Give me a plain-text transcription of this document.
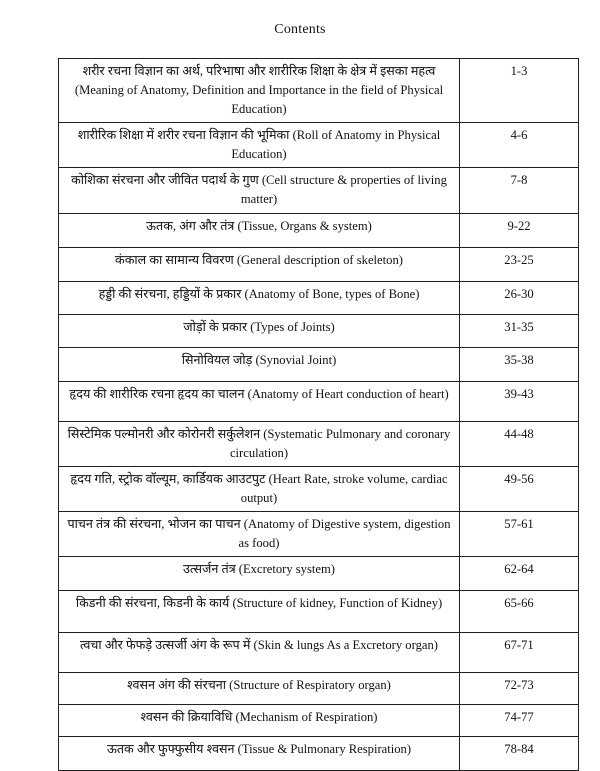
Contents
शरीर रचना विज्ञान का अर्थ, परिभाषा और शारीरिक शिक्षा के क्षेत्र में इसका महत्व (Meaning of Anatomy, Definition and Importance in the field of Physical Education)	1-3
शारीरिक शिक्षा में शरीर रचना विज्ञान की भूमिका (Roll of Anatomy in Physical Education)	4-6
कोशिका संरचना और जीवित पदार्थ के गुण (Cell structure & properties of living matter)	7-8
ऊतक, अंग और तंत्र (Tissue, Organs & system)	9-22
कंकाल का सामान्य विवरण (General description of skeleton)	23-25
हड्डी की संरचना, हड्डियों के प्रकार (Anatomy of Bone, types of Bone)	26-30
जोड़ों के प्रकार (Types of Joints)	31-35
सिनोवियल जोड़ (Synovial Joint)	35-38
हृदय की शारीरिक रचना हृदय का चालन (Anatomy of Heart conduction of heart)	39-43
सिस्टेमिक पल्मोनरी और कोरोनरी सर्कुलेशन (Systematic Pulmonary and coronary circulation)	44-48
हृदय गति, स्ट्रोक वॉल्यूम, कार्डियक आउटपुट (Heart Rate, stroke volume, cardiac output)	49-56
पाचन तंत्र की संरचना, भोजन का पाचन (Anatomy of Digestive system, digestion as food)	57-61
उत्सर्जन तंत्र (Excretory system)	62-64
किडनी की संरचना, किडनी के कार्य (Structure of kidney, Function of Kidney)	65-66
त्वचा और फेफड़े उत्सर्जी अंग के रूप में (Skin & lungs As a Excretory organ)	67-71
श्वसन अंग की संरचना (Structure of Respiratory organ)	72-73
श्वसन की क्रियाविधि (Mechanism of Respiration)	74-77
ऊतक और फुफ्फुसीय श्वसन (Tissue & Pulmonary Respiration)	78-84
